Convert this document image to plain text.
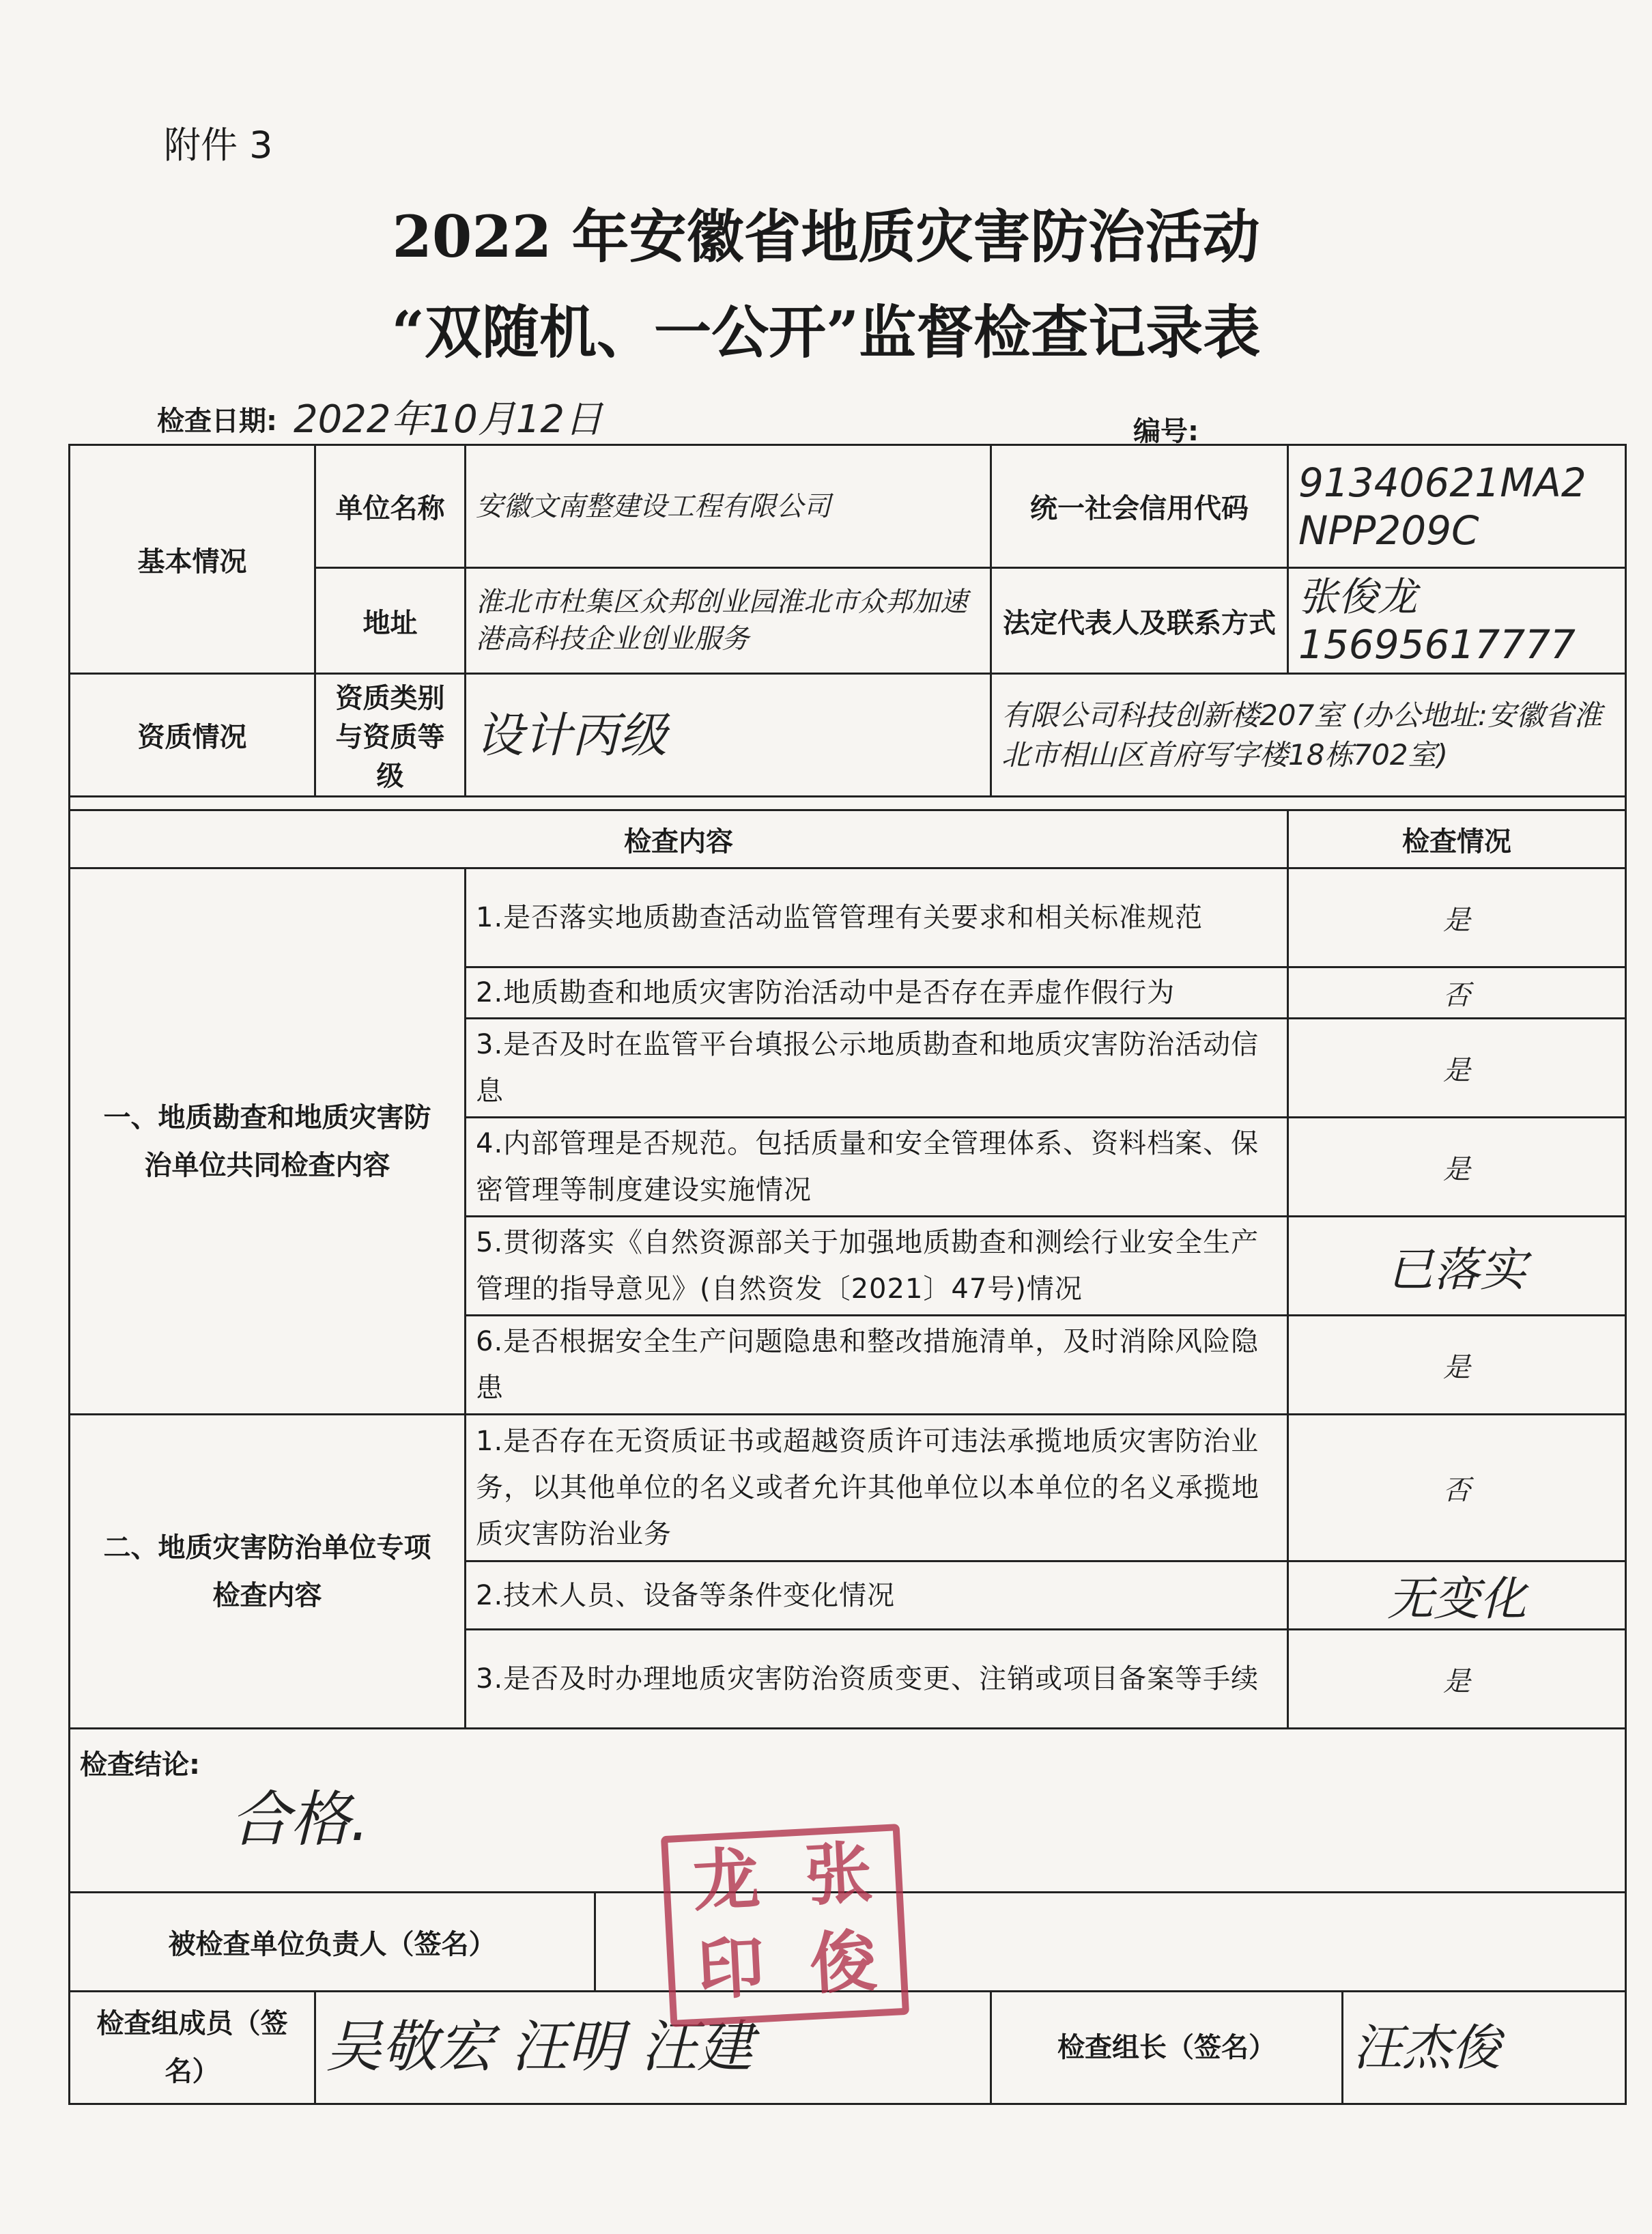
附件 3
2022 年安徽省地质灾害防治活动
“双随机、一公开”监督检查记录表
检查日期: 2022年10月12日	编号:
基本情况	单位名称	安徽文南整建设工程有限公司		统一社会信用代码	91340621MA2NPP209C	
	地址	淮北市杜集区众邦创业园淮北市众邦加速港高科技企业创业服务		法定代表人及联系方式	张俊龙 15695617777	
资质情况	资质类别与资质等级	设计丙级		有限公司科技创新楼207室 (办公地址:安徽省淮北市相山区首府写字楼18栋702室)		

检查内容					检查情况	
一、地质勘查和地质灾害防治单位共同检查内容		1.是否落实地质勘查活动监管管理有关要求和相关标准规范			是	
		2.地质勘查和地质灾害防治活动中是否存在弄虚作假行为			否	
		3.是否及时在监管平台填报公示地质勘查和地质灾害防治活动信息			是	
		4.内部管理是否规范。包括质量和安全管理体系、资料档案、保密管理等制度建设实施情况			是	
		5.贯彻落实《自然资源部关于加强地质勘查和测绘行业安全生产管理的指导意见》(自然资发〔2021〕47号)情况			已落实	
		6.是否根据安全生产问题隐患和整改措施清单，及时消除风险隐患			是	
二、地质灾害防治单位专项检查内容		1.是否存在无资质证书或超越资质许可违法承揽地质灾害防治业务，以其他单位的名义或者允许其他单位以本单位的名义承揽地质灾害防治业务			否	
		2.技术人员、设备等条件变化情况			无变化	
		3.是否及时办理地质灾害防治资质变更、注销或项目备案等手续			是	

检查结论:
合格.						

被检查单位负责人（签名）						
检查组成员（签名）	吴敬宏 汪明 汪建			检查组长（签名）		汪杰俊
龙 张
印 俊
